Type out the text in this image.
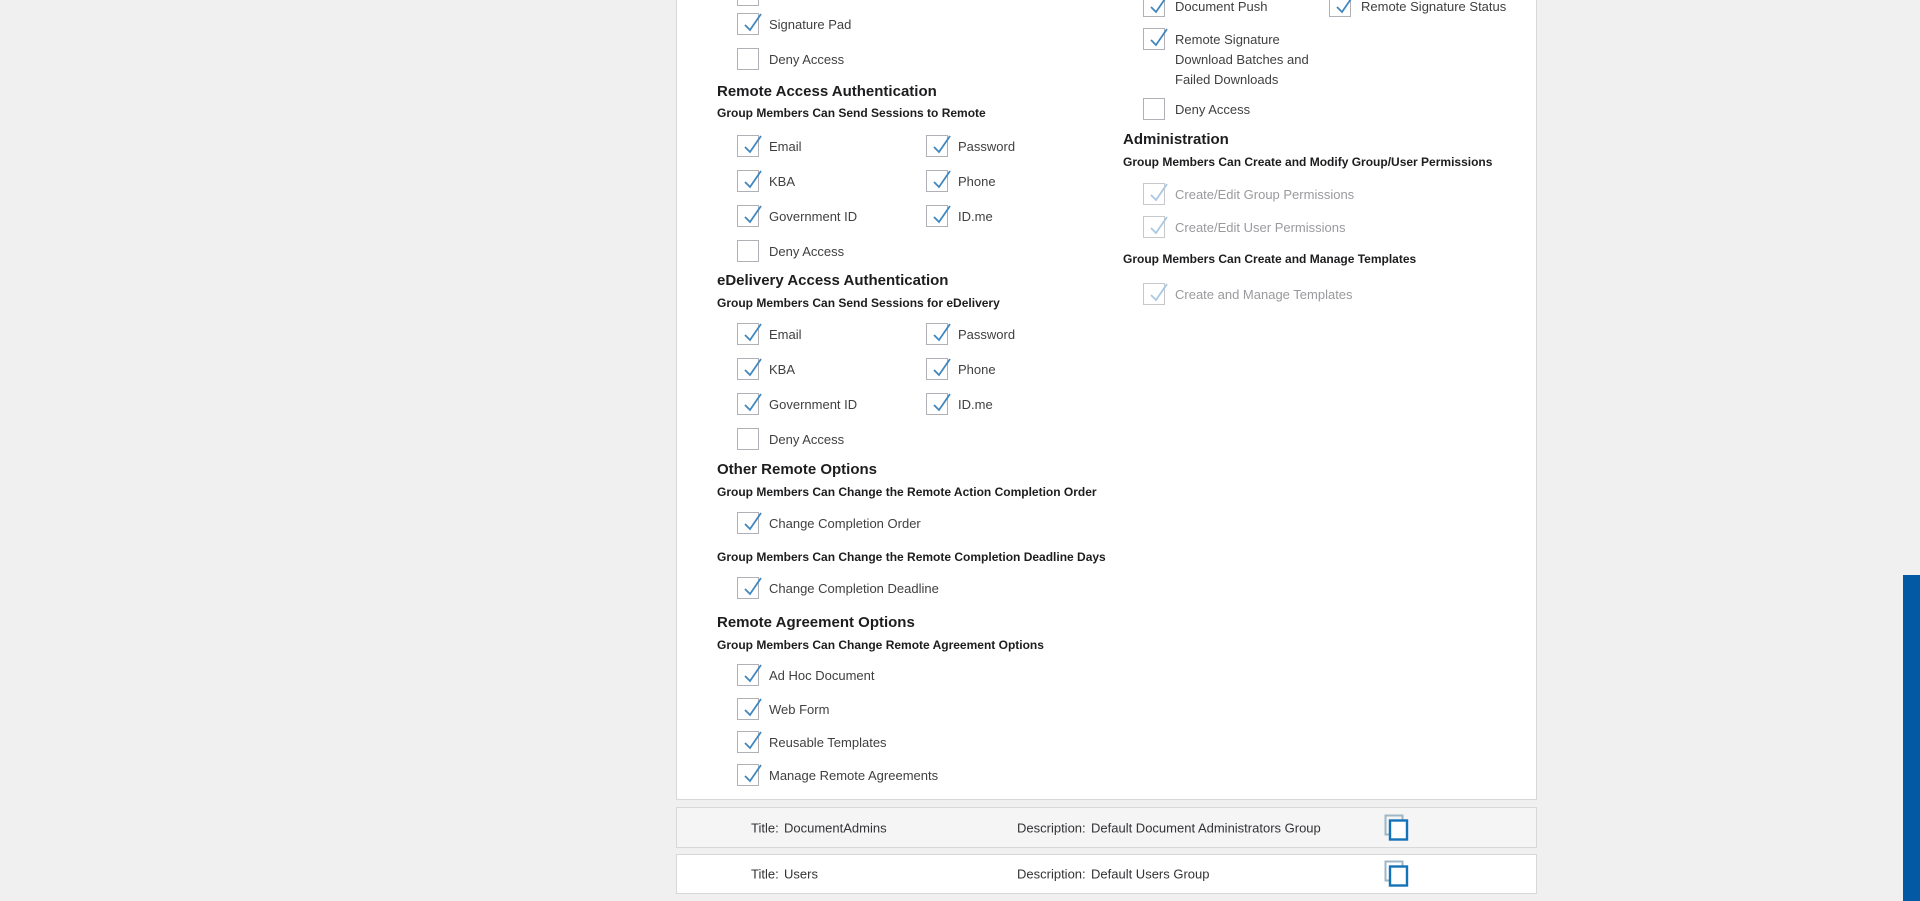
Signature Pad
Deny Access
Remote Access Authentication
Group Members Can Send Sessions to Remote
Email	Password
KBA	Phone
Government ID	ID.me
Deny Access
eDelivery Access Authentication
Group Members Can Send Sessions for eDelivery
Email	Password
KBA	Phone
Government ID	ID.me
Deny Access
Other Remote Options
Group Members Can Change the Remote Action Completion Order
Change Completion Order
Group Members Can Change the Remote Completion Deadline Days
Change Completion Deadline
Remote Agreement Options
Group Members Can Change Remote Agreement Options
Ad Hoc Document
Web Form
Reusable Templates
Manage Remote Agreements
Document Push	Remote Signature Status
Remote Signature Download Batches and Failed Downloads
Deny Access
Administration
Group Members Can Create and Modify Group/User Permissions
Create/Edit Group Permissions
Create/Edit User Permissions
Group Members Can Create and Manage Templates
Create and Manage Templates
Title: DocumentAdmins	Description: Default Document Administrators Group
Title: Users	Description: Default Users Group
